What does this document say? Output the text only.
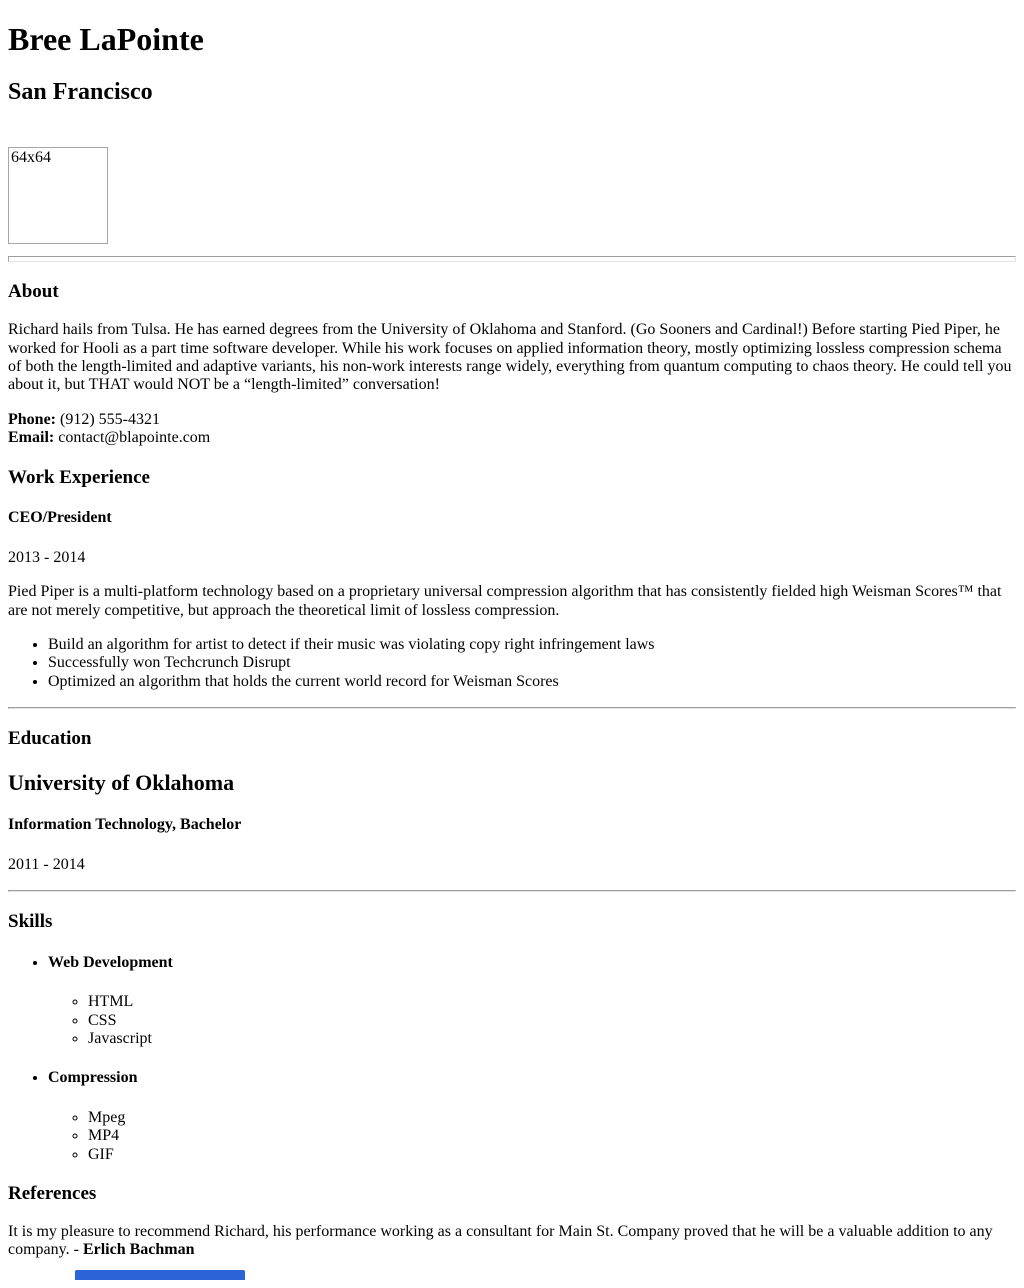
Bree LaPointe
San Francisco
64x64
About

Richard hails from Tulsa. He has earned degrees from the University of Oklahoma and Stanford. (Go Sooners and Cardinal!) Before starting Pied Piper, he worked for Hooli as a part time software developer. While his work focuses on applied information theory, mostly optimizing lossless compression schema of both the length-limited and adaptive variants, his non-work interests range widely, everything from quantum computing to chaos theory. He could tell you about it, but THAT would NOT be a “length-limited” conversation!

Phone: (912) 555-4321
Email: contact@blapointe.com

Work Experience
CEO/President

2013 - 2014

Pied Piper is a multi-platform technology based on a proprietary universal compression algorithm that has consistently fielded high Weisman Scores™ that are not merely competitive, but approach the theoretical limit of lossless compression.

• Build an algorithm for artist to detect if their music was violating copy right infringement laws
• Successfully won Techcrunch Disrupt
• Optimized an algorithm that holds the current world record for Weisman Scores
Education
University of Oklahoma
Information Technology, Bachelor

2011 - 2014

Skills
• Web Development
◦ HTML
◦ CSS
◦ Javascript
• Compression
◦ Mpeg
◦ MP4
◦ GIF
References

It is my pleasure to recommend Richard, his performance working as a consultant for Main St. Company proved that he will be a valuable addition to any company. - Erlich Bachman
